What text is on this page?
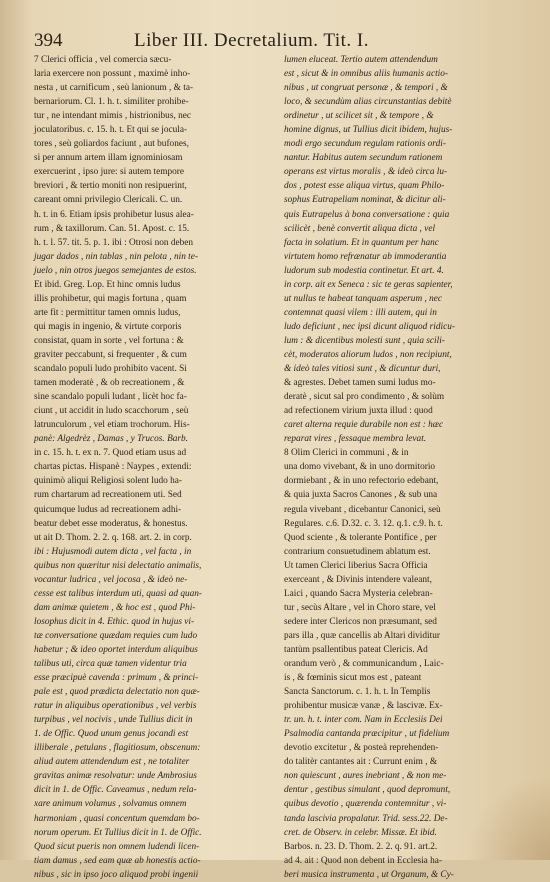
394	Liber III. Decretalium. Tit. I.
7 Clerici officia , vel comercia sæcu-
laria exercere non possunt , maximè inho-
nesta , ut carnificum , seù lanionum , & ta-
bernariorum. Cl. 1. h. t. similiter prohibe-
tur , ne intendant mimis , histrionibus, nec
joculatoribus. c. 15. h. t. Et qui se jocula-
tores , seù goliardos faciunt , aut bufones,
si per annum artem illam ignominiosam
exercuerint , ipso jure: si autem tempore
breviori , & tertio moniti non resipuerint,
careant omni privilegio Clericali. C. un.
h. t. in 6. Etiam ipsis prohibetur lusus alea-
rum , & taxillorum. Can. 51. Apost. c. 15.
h. t. l. 57. tit. 5. p. 1. ibi : Otrosi non deben
jugar dados , nin tablas , nin pelota , nin te-
juelo , nin otros juegos semejantes de estos.
Et ibid. Greg. Lop. Et hinc omnis ludus
illis prohibetur, qui magis fortuna , quam
arte fit : permittitur tamen omnis ludus,
qui magis in ingenio, & virtute corporis
consistat, quam in sorte , vel fortuna : &
graviter peccabunt, si frequenter , & cum
scandalo populi ludo prohibito vacent. Si
tamen moderatè , & ob recreationem , &
sine scandalo populi ludant , licèt hoc fa-
ciunt , ut accidit in ludo scacchorum , seù
latrunculorum , vel etiam trochorum. His-
panè: Algedrèz , Damas , y Trucos. Barb.
in c. 15. h. t. ex n. 7. Quod etiam usus ad
chartas pictas. Hispanè : Naypes , extendi:
quinimò aliqui Religiosi solent ludo ha-
rum chartarum ad recreationem uti. Sed
quicumque ludus ad recreationem adhi-
beatur debet esse moderatus, & honestus.
ut ait D. Thom. 2. 2. q. 168. art. 2. in corp.
ibi : Hujusmodi autem dicta , vel facta , in
quibus non quæritur nisi delectatio animalis,
vocantur ludrica , vel jocosa , & ideò ne-
cesse est talibus interdum uti, quasi ad quan-
dam animæ quietem , & hoc est , quod Phi-
losophus dicit in 4. Ethic. quod in hujus vi-
tæ conversatione quædam requies cum ludo
habetur ; & ideo oportet interdum aliquibus
talibus uti, circa quæ tamen videntur tria
esse præcipuè cavenda : primum , & princi-
pale est , quod prædicta delectatio non quæ-
ratur in aliquibus operationibus , vel verbis
turpibus , vel nocivis , unde Tullius dicit in
1. de Offic. Quod unum genus jocandi est
illiberale , petulans , flagitiosum, obscenum:
aliud autem attendendum est , ne totaliter
gravitas animæ resolvatur: unde Ambrosius
dicit in 1. de Offic. Caveamus , nedum rela-
xare animum volumus , solvamus omnem
harmoniam , quasi concentum quemdam bo-
norum operum. Et Tullius dicit in 1. de Offic.
Quod sicut pueris non omnem ludendi licen-
tiam damus , sed eam quæ ab honestis actio-
nibus , sic in ipso joco aliquod probi ingenii
lumen eluceat. Tertio autem attendendum
est , sicut & in omnibus aliis humanis actio-
nibus , ut congruat personæ , & tempori , &
loco, & secundùm alias circunstantias debitè
ordinetur , ut scilicet sit , & tempore , &
homine dignus, ut Tullius dicit ibidem, hujus-
modi ergo secundum regulam rationis ordi-
nantur. Habitus autem secundum rationem
operans est virtus moralis , & ideò circa lu-
dos , potest esse aliqua virtus, quam Philo-
sophus Eutrapeliam nominat, & dicitur ali-
quis Eutrapelus à bona conversatione : quia
scilicèt , benè convertit aliqua dicta , vel
facta in solatium. Et in quantum per hanc
virtutem homo refrænatur ab immoderantia
ludorum sub modestia continetur. Et art. 4.
in corp. ait ex Seneca : sic te geras sapienter,
ut nullus te habeat tanquam asperum , nec
contemnat quasi vilem : illi autem, qui in
ludo deficiunt , nec ipsi dicunt aliquod ridicu-
lum : & dicentibus molesti sunt , quia scili-
cèt, moderatos aliorum ludos , non recipiunt,
& ideò tales vitiosi sunt , & dicuntur duri,
& agrestes. Debet tamen sumi ludus mo-
deratè , sicut sal pro condimento , & solùm
ad refectionem virium juxta illud : quod
caret alterna requie durabile non est : hæc
reparat vires , fessaque membra levat.
8 Olim Clerici in communi , & in
una domo vivebant, & in uno dormitorio
dormiebant , & in uno refectorio edebant,
& quia juxta Sacros Canones , & sub una
regula vivebant , dicebantur Canonici, seù
Regulares. c.6. D.32. c. 3. 12. q.1. c.9. h. t.
Quod sciente , & tolerante Pontifice , per
contrarium consuetudinem ablatum est.
Ut tamen Clerici liberius Sacra Officia
exerceant , & Divinis intendere valeant,
Laici , quando Sacra Mysteria celebran-
tur , secùs Altare , vel in Choro stare, vel
sedere inter Clericos non præsumant, sed
pars illa , quæ cancellis ab Altari dividitur
tantùm psallentibus pateat Clericis. Ad
orandum verò , & communicandum , Laic-
is , & fœminis sicut mos est , pateant
Sancta Sanctorum. c. 1. h. t. In Templis
prohibentur musicæ vanæ , & lascivæ. Ex-
tr. un. h. t. inter com. Nam in Ecclesiis Dei
Psalmodia cantanda præcipitur , ut fidelium
devotio excitetur , & posteà reprehenden-
do talitèr cantantes ait : Currunt enim , &
non quiescunt , aures inebriant , & non me-
dentur , gestibus simulant , quod depromunt,
quibus devotio , quærenda contemnitur , vi-
tanda lascivia propalatur. Trid. sess.22. De-
cret. de Observ. in celebr. Missæ. Et ibid.
Barbos. n. 23. D. Thom. 2. 2. q. 91. art.2.
ad 4. ait : Quod non debent in Ecclesia ha-
beri musica instrumenta , ut Organum, & Cy-
